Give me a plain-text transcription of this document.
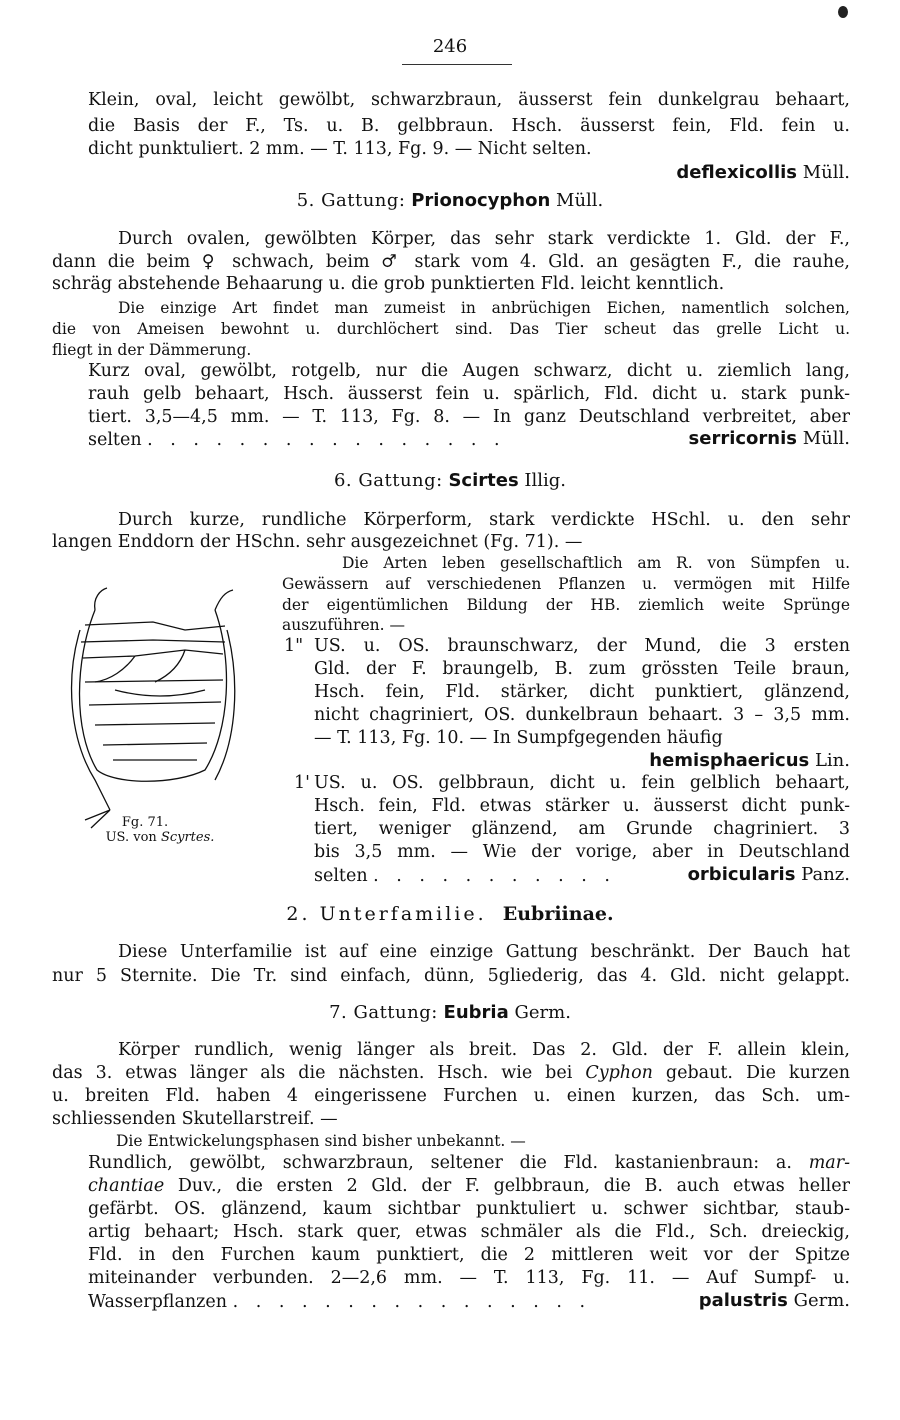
246
Klein, oval, leicht gewölbt, schwarzbraun, äusserst fein dunkelgrau behaart,
die Basis der F., Ts. u. B. gelbbraun. Hsch. äusserst fein, Fld. fein u.
dicht punktuliert. 2 mm. — T. 113, Fg. 9. — Nicht selten.
deflexicollis Müll.
5. Gattung: Prionocyphon Müll.
Durch ovalen, gewölbten Körper, das sehr stark verdickte 1. Gld. der F.,
dann die beim ♀ schwach, beim ♂ stark vom 4. Gld. an gesägten F., die rauhe,
schräg abstehende Behaarung u. die grob punktierten Fld. leicht kenntlich.
Die einzige Art findet man zumeist in anbrüchigen Eichen, namentlich solchen,
die von Ameisen bewohnt u. durchlöchert sind. Das Tier scheut das grelle Licht u.
fliegt in der Dämmerung.
Kurz oval, gewölbt, rotgelb, nur die Augen schwarz, dicht u. ziemlich lang,
rauh gelb behaart, Hsch. äusserst fein u. spärlich, Fld. dicht u. stark punk-
tiert. 3,5—4,5 mm. — T. 113, Fg. 8. — In ganz Deutschland verbreitet, aber
selten . . . . . . . . . . . . . . . .	serricornis Müll.
6. Gattung: Scirtes Illig.
Durch kurze, rundliche Körperform, stark verdickte HSchl. u. den sehr
langen Enddorn der HSchn. sehr ausgezeichnet (Fg. 71). —
Die Arten leben gesellschaftlich am R. von Sümpfen u.
Gewässern auf verschiedenen Pflanzen u. vermögen mit Hilfe
der eigentümlichen Bildung der HB. ziemlich weite Sprünge
auszuführen. —
Fg. 71.
US. von Scyrtes.
1" US. u. OS. braunschwarz, der Mund, die 3 ersten
Gld. der F. braungelb, B. zum grössten Teile braun,
Hsch. fein, Fld. stärker, dicht punktiert, glänzend,
nicht chagriniert, OS. dunkelbraun behaart. 3 – 3,5 mm.
— T. 113, Fg. 10. — In Sumpfgegenden häufig
hemisphaericus Lin.
1' US. u. OS. gelbbraun, dicht u. fein gelblich behaart,
Hsch. fein, Fld. etwas stärker u. äusserst dicht punk-
tiert, weniger glänzend, am Grunde chagriniert. 3
bis 3,5 mm. — Wie der vorige, aber in Deutschland
selten . . . . . . . . . . .	orbicularis Panz.
2. Unterfamilie. Eubriinae.
Diese Unterfamilie ist auf eine einzige Gattung beschränkt. Der Bauch hat
nur 5 Sternite. Die Tr. sind einfach, dünn, 5gliederig, das 4. Gld. nicht gelappt.
7. Gattung: Eubria Germ.
Körper rundlich, wenig länger als breit. Das 2. Gld. der F. allein klein,
das 3. etwas länger als die nächsten. Hsch. wie bei Cyphon gebaut. Die kurzen
u. breiten Fld. haben 4 eingerissene Furchen u. einen kurzen, das Sch. um-
schliessenden Skutellarstreif. —
Die Entwickelungsphasen sind bisher unbekannt. —
Rundlich, gewölbt, schwarzbraun, seltener die Fld. kastanienbraun: a. mar-
chantiae Duv., die ersten 2 Gld. der F. gelbbraun, die B. auch etwas heller
gefärbt. OS. glänzend, kaum sichtbar punktuliert u. schwer sichtbar, staub-
artig behaart; Hsch. stark quer, etwas schmäler als die Fld., Sch. dreieckig,
Fld. in den Furchen kaum punktiert, die 2 mittleren weit vor der Spitze
miteinander verbunden. 2—2,6 mm. — T. 113, Fg. 11. — Auf Sumpf- u.
Wasserpflanzen . . . . . . . . . . . . . . . .	palustris Germ.
